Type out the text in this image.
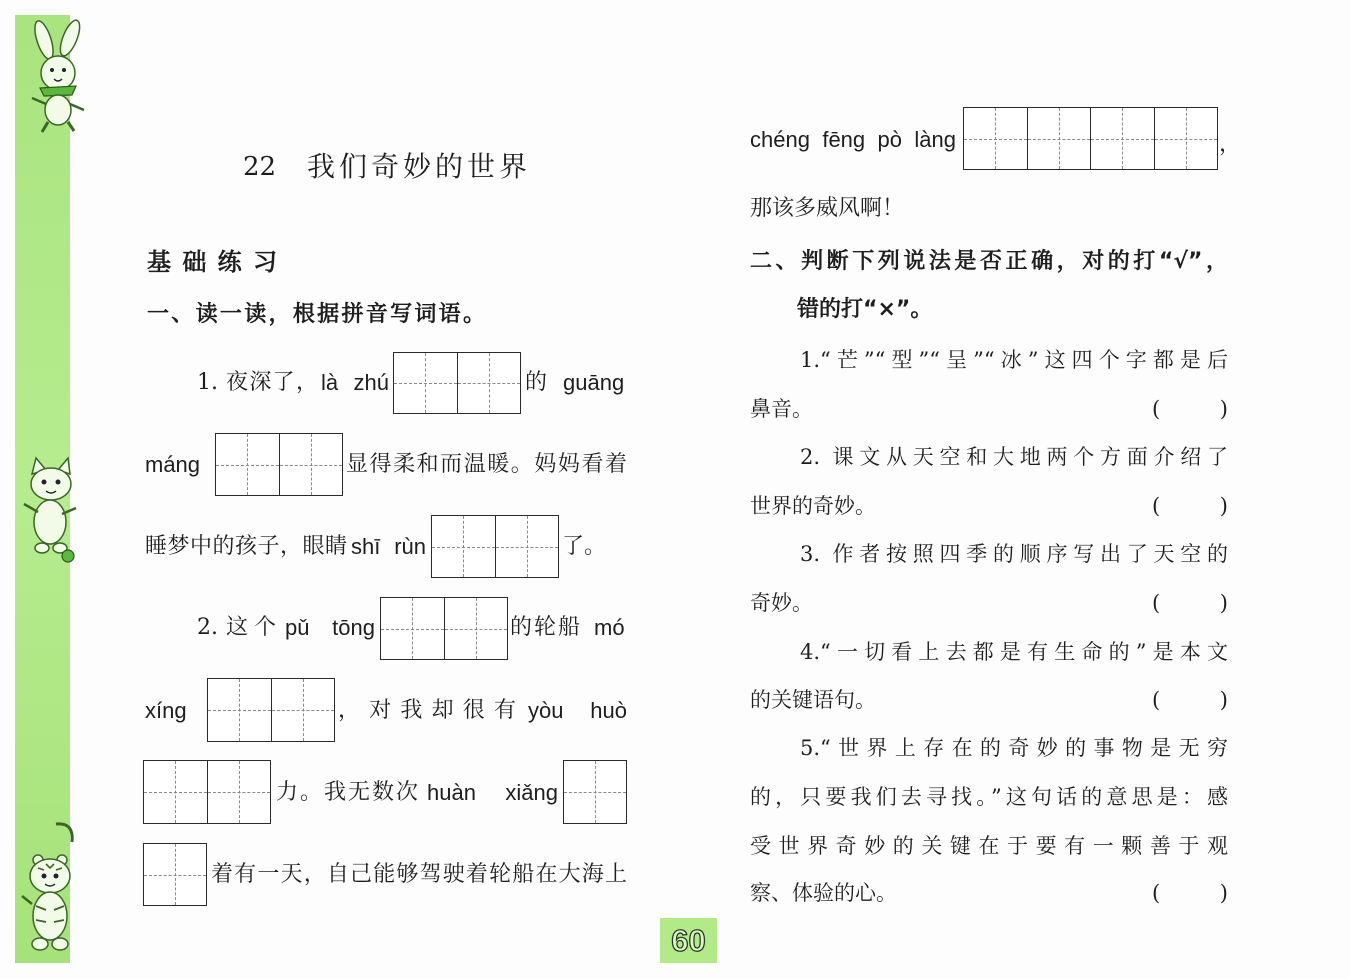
22 我们奇妙的世界
基础练习
一、读一读，根据拼音写词语。
1. 夜深了， là zhú	的 guāng
máng	显得柔和而温暖。妈妈看着
睡梦中的孩子，眼睛 shī rùn	了。
2. 这个 pǔ tōng	的轮船 mó
xíng	，对我却很有 yòu huò
力。我无数次 huàn xiǎng
着有一天，自己能够驾驶着轮船在大海上
chéng fēng pò làng	，
那该多威风啊！
二、判断下列说法是否正确，对的打“√”，
错的打“×”。
1.“芒”“型”“呈”“冰”这四个字都是后
鼻音。	(	)
2. 课文从天空和大地两个方面介绍了
世界的奇妙。	(	)
3. 作者按照四季的顺序写出了天空的
奇妙。	(	)
4.“一切看上去都是有生命的”是本文
的关键语句。	(	)
5.“世界上存在的奇妙的事物是无穷
的，只要我们去寻找。”这句话的意思是：感
受世界奇妙的关键在于要有一颗善于观
察、体验的心。	(	)
60
